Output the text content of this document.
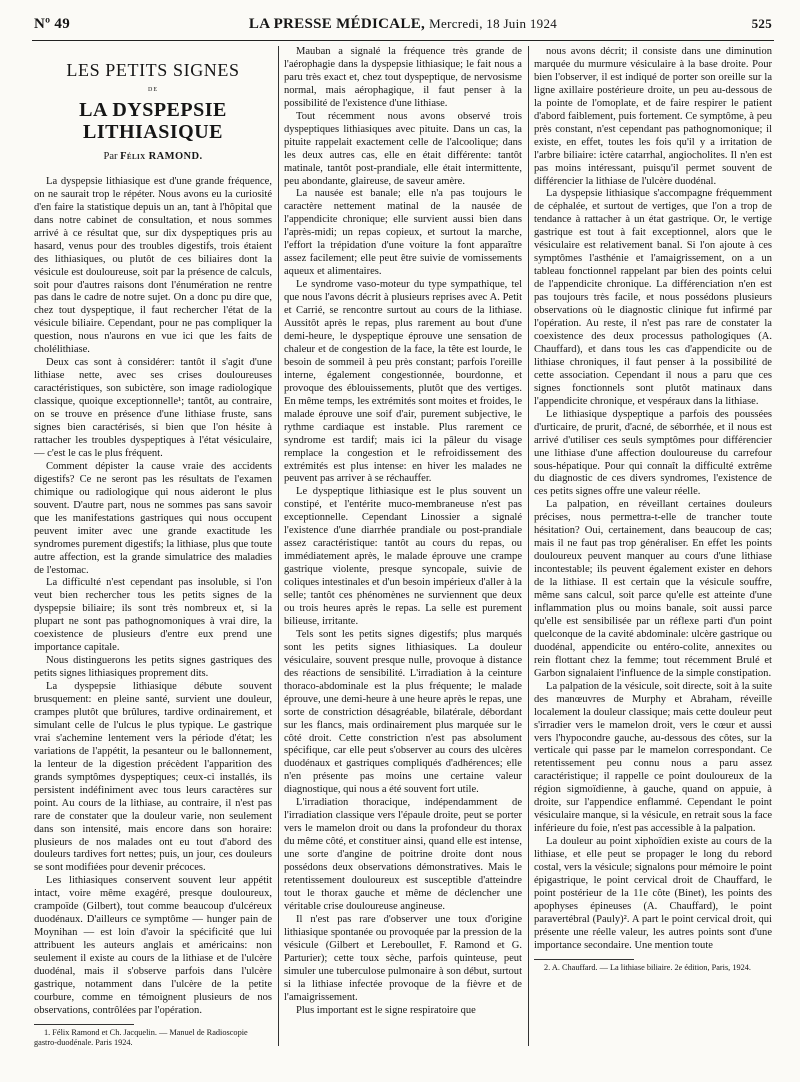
Nº 49	LA PRESSE MÉDICALE, Mercredi, 18 Juin 1924	525
LES PETITS SIGNES
DE
LA DYSPEPSIE LITHIASIQUE
Par Félix RAMOND.

La dyspepsie lithiasique est d'une grande fréquence, on ne saurait trop le répéter. Nous avons eu la curiosité d'en faire la statistique depuis un an, tant à l'hôpital que dans notre cabinet de consultation, et nous sommes arrivé à ce résultat que, sur dix dyspeptiques pris au hasard, venus pour des troubles digestifs, trois étaient des lithiasiques, ou plutôt de ces biliaires dont la vésicule est douloureuse, soit par la présence de calculs, soit pour d'autres raisons dont l'énumération ne rentre pas dans le cadre de notre sujet. On a donc pu dire que, chez tout dyspeptique, il faut rechercher l'état de la vésicule biliaire. Cependant, pour ne pas compliquer la question, nous n'aurons en vue ici que les faits de cholélithiase.

Deux cas sont à considérer: tantôt il s'agit d'une lithiase nette, avec ses crises douloureuses caractéristiques, son subictère, son image radiologique classique, quoique exceptionnelle¹; tantôt, au contraire, on se trouve en présence d'une lithiase fruste, sans signes bien caractérisés, si bien que l'on hésite à rattacher les troubles dyspeptiques à l'état vésiculaire, — c'est le cas le plus fréquent.

Comment dépister la cause vraie des accidents digestifs? Ce ne seront pas les résultats de l'examen chimique ou radiologique qui nous aideront le plus souvent. D'autre part, nous ne sommes pas sans savoir que les manifestations gastriques qui nous occupent peuvent imiter avec une grande exactitude les syndromes purement digestifs; la lithiase, plus que toute autre affection, est la grande simulatrice des maladies de l'estomac.

La difficulté n'est cependant pas insoluble, si l'on veut bien rechercher tous les petits signes de la dyspepsie biliaire; ils sont très nombreux et, si la plupart ne sont pas pathognomoniques à vrai dire, la coexistence de plusieurs d'entre eux prend une importance capitale.

Nous distinguerons les petits signes gastriques des petits signes lithiasiques proprement dits.

La dyspepsie lithiasique débute souvent brusquement: en pleine santé, survient une douleur, crampes plutôt que brûlures, tardive ordinairement, et simulant celle de l'ulcus le plus typique. Le gastrique vrai s'achemine lentement vers la période d'état; les variations de l'appétit, la pesanteur ou le ballonnement, la lenteur de la digestion précèdent l'apparition des grands symptômes dyspeptiques; ceux-ci installés, ils persistent indéfiniment avec tous leurs caractères sur point. Au cours de la lithiase, au contraire, il n'est pas rare de constater que la douleur varie, non seulement dans son intensité, mais encore dans son horaire: plusieurs de nos malades ont eu tout d'abord des douleurs tardives fort nettes; puis, un jour, ces douleurs se sont modifiées pour devenir précoces.

Les lithiasiques conservent souvent leur appétit intact, voire même exagéré, presque douloureux, crampoïde (Gilbert), tout comme beaucoup d'ulcéreux duodénaux. D'ailleurs ce symptôme — hunger pain de Moynihan — est loin d'avoir la spécificité que lui attribuent les auteurs anglais et américains: non seulement il existe au cours de la lithiase et de l'ulcère duodénal, mais il s'observe parfois dans l'ulcère gastrique, notamment dans l'ulcère de la petite courbure, comme en témoignent plusieurs de nos observations, contrôlées par l'opération.

1. Félix Ramond et Ch. Jacquelin. — Manuel de Radioscopie gastro-duodénale. Paris 1924.

Mauban a signalé la fréquence très grande de l'aérophagie dans la dyspepsie lithiasique; le fait nous a paru très exact et, chez tout dyspeptique, de nervosisme normal, mais aérophagique, il faut penser à la possibilité de l'existence d'une lithiase.

Tout récemment nous avons observé trois dyspeptiques lithiasiques avec pituite. Dans un cas, la pituite rappelait exactement celle de l'alcoolique; dans les deux autres cas, elle en était différente: tantôt matinale, tantôt post-prandiale, elle était intermittente, peu abondante, glaireuse, de saveur amère.

La nausée est banale; elle n'a pas toujours le caractère nettement matinal de la nausée de l'appendicite chronique; elle survient aussi bien dans l'après-midi; un repas copieux, et surtout la marche, l'effort la trépidation d'une voiture la font apparaître assez facilement; elle peut être suivie de vomissements aqueux et alimentaires.

Le syndrome vaso-moteur du type sympathique, tel que nous l'avons décrit à plusieurs reprises avec A. Petit et Carrié, se rencontre surtout au cours de la lithiase. Aussitôt après le repas, plus rarement au bout d'une demi-heure, le dyspeptique éprouve une sensation de chaleur et de congestion de la face, la tête est lourde, le besoin de sommeil à peu près constant; parfois l'oreille interne, également congestionnée, bourdonne, et provoque des éblouissements, plutôt que des vertiges. En même temps, les extrémités sont moites et froides, le malade éprouve une soif d'air, purement subjective, le rythme cardiaque est instable. Plus rarement ce syndrome est tardif; mais ici la pâleur du visage remplace la congestion et le refroidissement des extrémités est plus intense: en hiver les malades ne peuvent pas arriver à se réchauffer.

Le dyspeptique lithiasique est le plus souvent un constipé, et l'entérite muco-membraneuse n'est pas exceptionnelle. Cependant Linossier a signalé l'existence d'une diarrhée prandiale ou post-prandiale assez caractéristique: tantôt au cours du repas, ou immédiatement après, le malade éprouve une crampe gastrique violente, presque syncopale, suivie de coliques intestinales et d'un besoin impérieux d'aller à la selle; tantôt ces phénomènes ne surviennent que deux ou trois heures après le repas. La selle est purement bilieuse, irritante.

Tels sont les petits signes digestifs; plus marqués sont les petits signes lithiasiques. La douleur vésiculaire, souvent presque nulle, provoque à distance des réactions de sensibilité. L'irradiation à la ceinture thoraco-abdominale est la plus fréquente; le malade éprouve, une demi-heure à une heure après le repas, une sorte de constriction désagréable, bilatérale, débordant sur les flancs, mais ordinairement plus marquée sur le côté droit. Cette constriction n'est pas absolument spécifique, car elle peut s'observer au cours des ulcères duodénaux et gastriques compliqués d'adhérences; elle n'en présente pas moins une certaine valeur diagnostique, qui nous a été souvent fort utile.

L'irradiation thoracique, indépendamment de l'irradiation classique vers l'épaule droite, peut se porter vers le mamelon droit ou dans la profondeur du thorax du même côté, et constituer ainsi, quand elle est intense, une sorte d'angine de poitrine droite dont nous possédons deux observations démonstratives. Mais le retentissement douloureux est susceptible d'atteindre tout le thorax gauche et même de déclencher une véritable crise douloureuse angineuse.

Il n'est pas rare d'observer une toux d'origine lithiasique spontanée ou provoquée par la pression de la vésicule (Gilbert et Lereboullet, F. Ramond et G. Parturier); cette toux sèche, parfois quinteuse, peut simuler une tuberculose pulmonaire à son début, surtout si la lithiase infectée provoque de la fièvre et de l'amaigrissement.

Plus important est le signe respiratoire que

nous avons décrit; il consiste dans une diminution marquée du murmure vésiculaire à la base droite. Pour bien l'observer, il est indiqué de porter son oreille sur la ligne axillaire postérieure droite, un peu au-dessous de la pointe de l'omoplate, et de faire respirer le patient d'abord faiblement, puis fortement. Ce symptôme, à peu près constant, n'est cependant pas pathognomonique; il existe, en effet, toutes les fois qu'il y a irritation de l'arbre biliaire: ictère catarrhal, angiocholites. Il n'en est pas moins intéressant, puisqu'il permet souvent de différencier la lithiase de l'ulcère duodénal.

La dyspepsie lithiasique s'accompagne fréquemment de céphalée, et surtout de vertiges, que l'on a trop de tendance à rattacher à un état gastrique. Or, le vertige gastrique est tout à fait exceptionnel, alors que le vésiculaire est relativement banal. Si l'on ajoute à ces symptômes l'asthénie et l'amaigrissement, on a un tableau fonctionnel rappelant par bien des points celui de l'appendicite chronique. La différenciation n'en est pas toujours très facile, et nous possédons plusieurs observations où le diagnostic clinique fut infirmé par l'opération. Au reste, il n'est pas rare de constater la coexistence des deux processus pathologiques (A. Chauffard), et dans tous les cas d'appendicite ou de lithiase chroniques, il faut penser à la possibilité de cette association. Cependant il nous a paru que ces signes fonctionnels sont plutôt matinaux dans l'appendicite chronique, et vespéraux dans la lithiase.

Le lithiasique dyspeptique a parfois des poussées d'urticaire, de prurit, d'acné, de séborrhée, et il nous est arrivé d'utiliser ces seuls symptômes pour différencier une lithiase d'une affection douloureuse du carrefour sous-hépatique. Pour qui connaît la difficulté extrême du diagnostic de ces divers syndromes, l'existence de ces petits signes offre une valeur réelle.

La palpation, en réveillant certaines douleurs précises, nous permettra-t-elle de trancher toute hésitation? Oui, certainement, dans beaucoup de cas; mais il ne faut pas trop généraliser. En effet les points douloureux peuvent manquer au cours d'une lithiase incontestable; ils peuvent également exister en dehors de la lithiase. Il est certain que la vésicule souffre, même sans calcul, soit parce qu'elle est atteinte d'une inflammation plus ou moins banale, soit aussi parce qu'elle est sensibilisée par un réflexe parti d'un point quelconque de la cavité abdominale: ulcère gastrique ou duodénal, appendicite ou entéro-colite, annexites ou rein flottant chez la femme; tout récemment Brulé et Garbon signalaient l'influence de la simple constipation.

La palpation de la vésicule, soit directe, soit à la suite des manœuvres de Murphy et Abraham, réveille localement la douleur classique; mais cette douleur peut s'irradier vers le mamelon droit, vers le cœur et aussi vers l'hypocondre gauche, au-dessous des côtes, sur la verticale qui passe par le mamelon correspondant. Ce retentissement peu connu nous a paru assez caractéristique; il rappelle ce point douloureux de la région sigmoïdienne, à gauche, quand on appuie, à droite, sur l'appendice enflammé. Cependant le point vésiculaire manque, si la vésicule, en retrait sous la face inférieure du foie, n'est pas accessible à la palpation.

La douleur au point xiphoïdien existe au cours de la lithiase, et elle peut se propager le long du rebord costal, vers la vésicule; signalons pour mémoire le point épigastrique, le point cervical droit de Chauffard, le point postérieur de la 11e côte (Binet), les points des apophyses épineuses (A. Chauffard), le point paravertébral (Pauly)². A part le point cervical droit, qui présente une réelle valeur, les autres points sont d'une importance secondaire. Une mention toute

2. A. Chauffard. — La lithiase biliaire. 2e édition, Paris, 1924.
